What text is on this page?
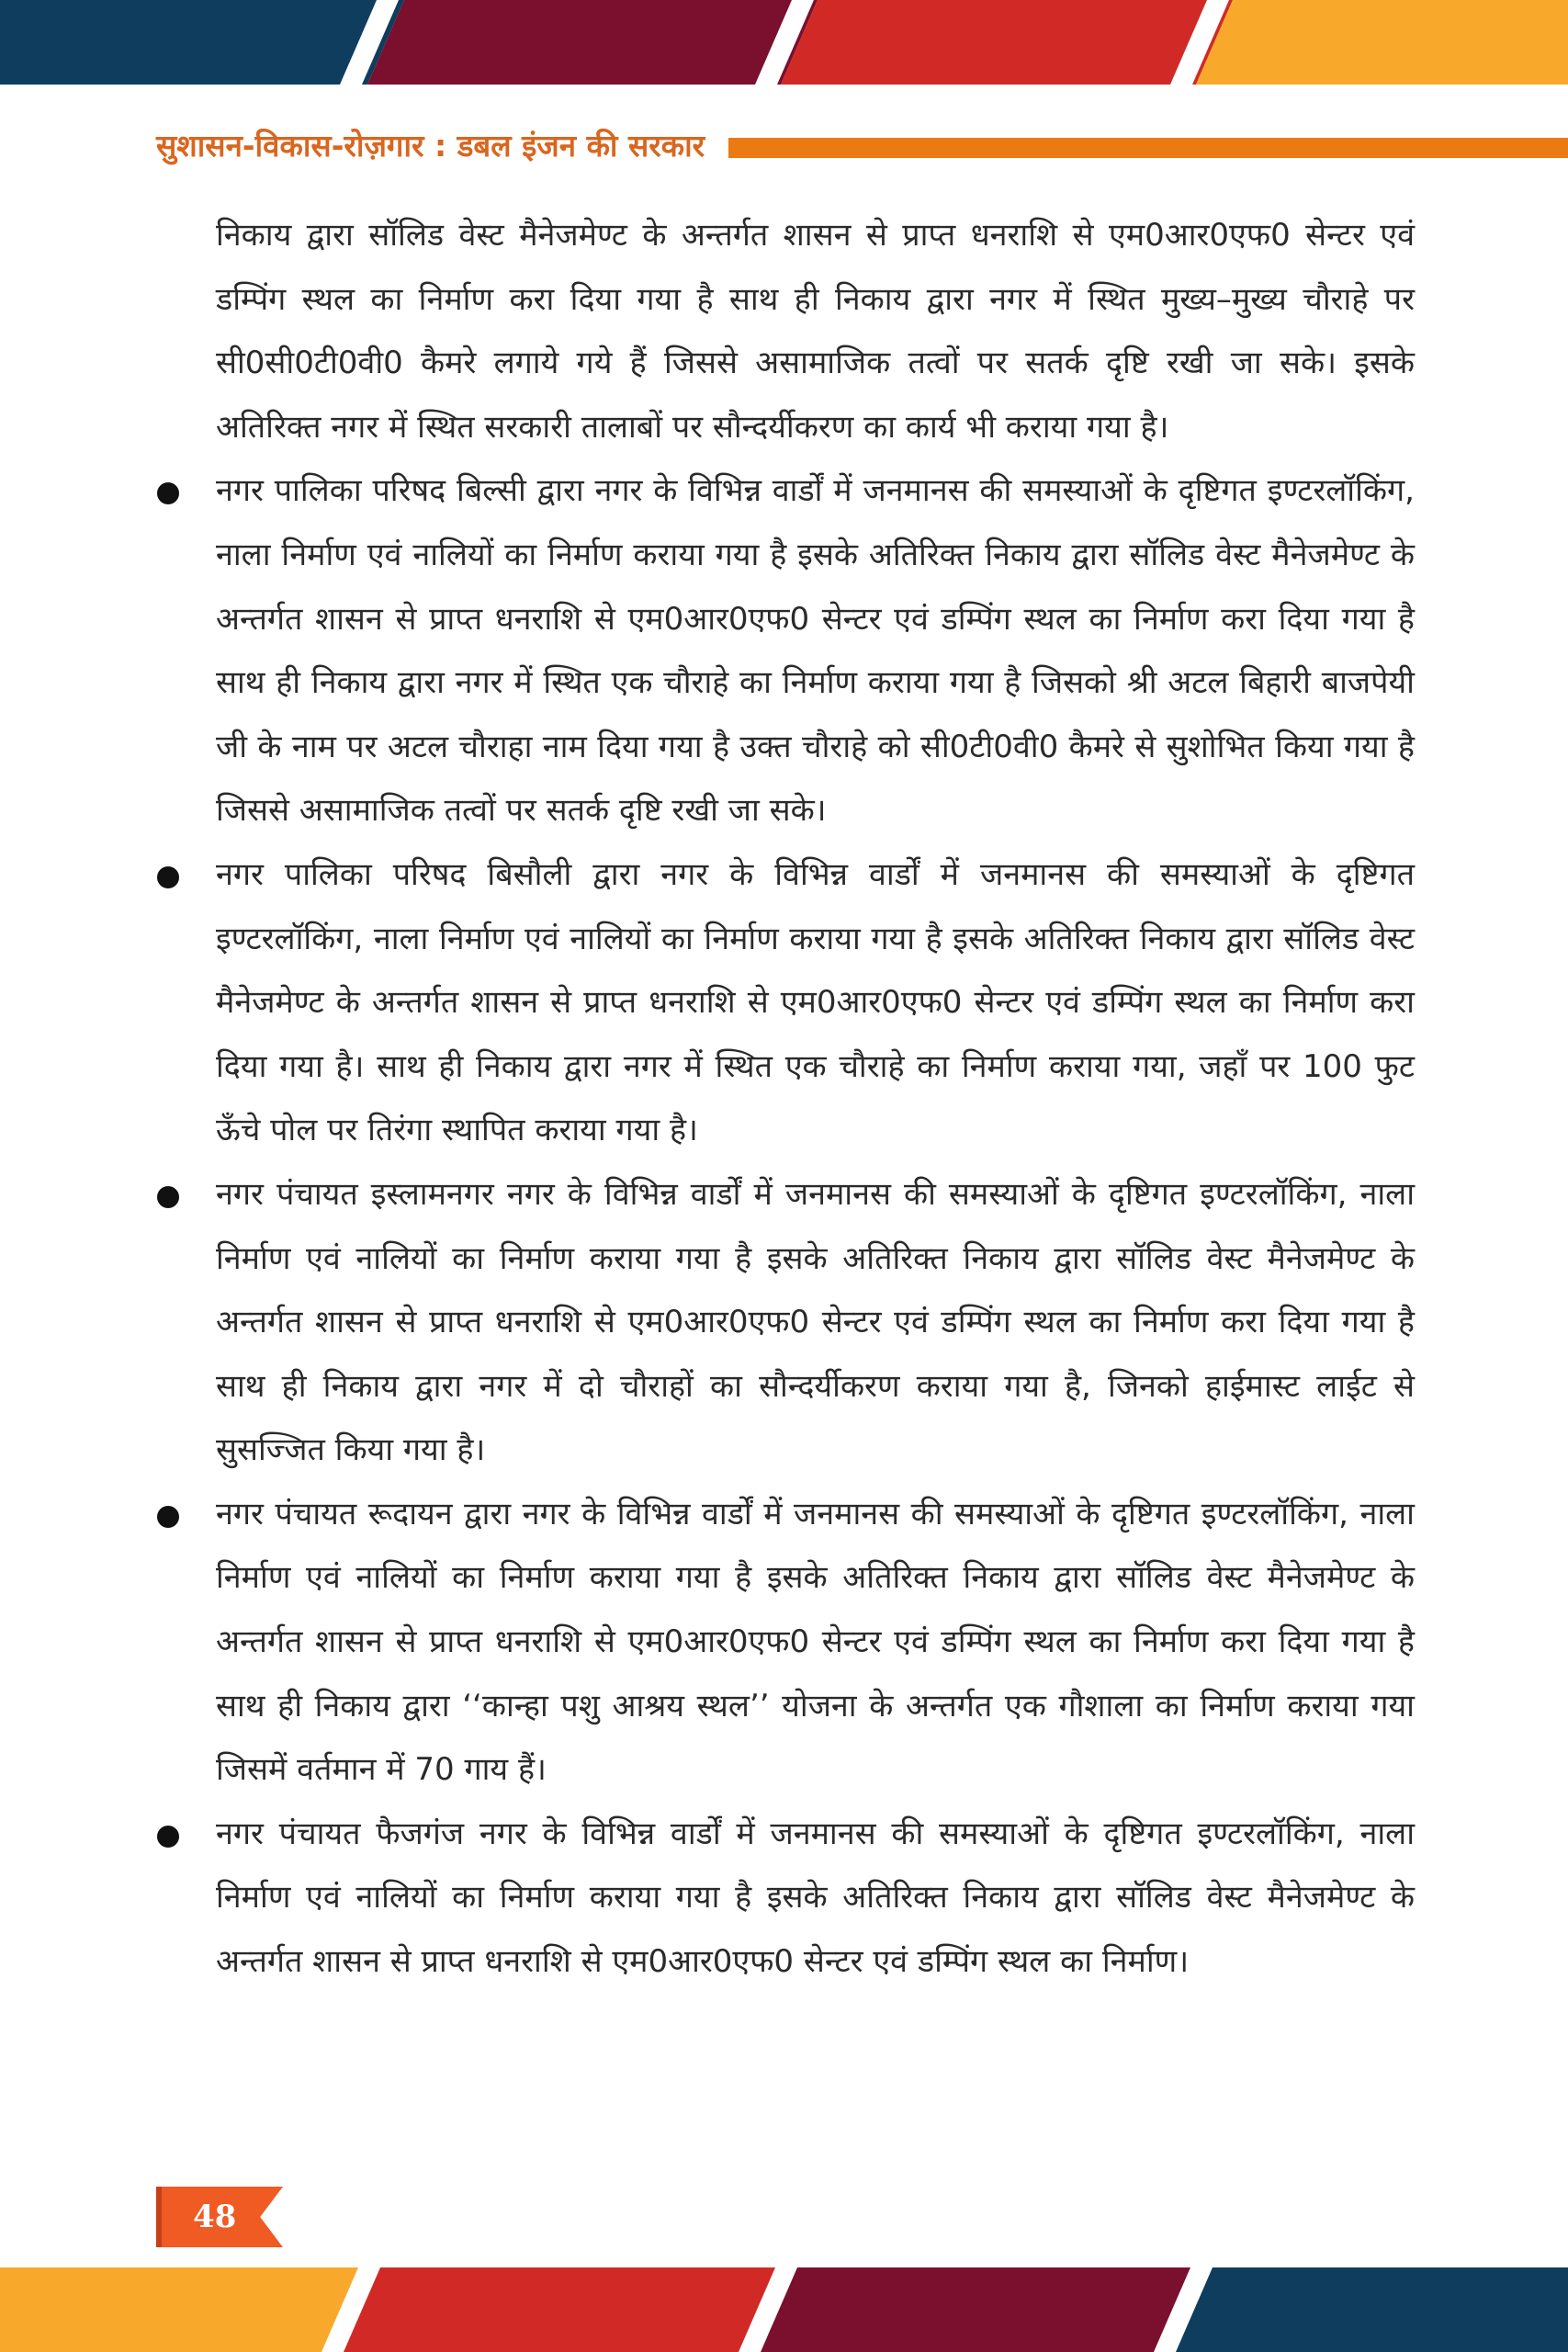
सुशासन-विकास-रोज़गार : डबल इंजन की सरकार

निकाय द्वारा सॉलिड वेस्ट मैनेजमेण्ट के अन्तर्गत शासन से प्राप्त धनराशि से एम0आर0एफ0 सेन्टर एवं डम्पिंग स्थल का निर्माण करा दिया गया है साथ ही निकाय द्वारा नगर में स्थित मुख्य–मुख्य चौराहे पर सी0सी0टी0वी0 कैमरे लगाये गये हैं जिससे असामाजिक तत्वों पर सतर्क दृष्टि रखी जा सके। इसके अतिरिक्त नगर में स्थित सरकारी तालाबों पर सौन्दर्यीकरण का कार्य भी कराया गया है।

नगर पालिका परिषद बिल्सी द्वारा नगर के विभिन्न वार्डों में जनमानस की समस्याओं के दृष्टिगत इण्टरलॉकिंग, नाला निर्माण एवं नालियों का निर्माण कराया गया है इसके अतिरिक्त निकाय द्वारा सॉलिड वेस्ट मैनेजमेण्ट के अन्तर्गत शासन से प्राप्त धनराशि से एम0आर0एफ0 सेन्टर एवं डम्पिंग स्थल का निर्माण करा दिया गया है साथ ही निकाय द्वारा नगर में स्थित एक चौराहे का निर्माण कराया गया है जिसको श्री अटल बिहारी बाजपेयी जी के नाम पर अटल चौराहा नाम दिया गया है उक्त चौराहे को सी0टी0वी0 कैमरे से सुशोभित किया गया है जिससे असामाजिक तत्वों पर सतर्क दृष्टि रखी जा सके।

नगर पालिका परिषद बिसौली द्वारा नगर के विभिन्न वार्डों में जनमानस की समस्याओं के दृष्टिगत इण्टरलॉकिंग, नाला निर्माण एवं नालियों का निर्माण कराया गया है इसके अतिरिक्त निकाय द्वारा सॉलिड वेस्ट मैनेजमेण्ट के अन्तर्गत शासन से प्राप्त धनराशि से एम0आर0एफ0 सेन्टर एवं डम्पिंग स्थल का निर्माण करा दिया गया है। साथ ही निकाय द्वारा नगर में स्थित एक चौराहे का निर्माण कराया गया, जहाँ पर 100 फुट ऊँचे पोल पर तिरंगा स्थापित कराया गया है।

नगर पंचायत इस्लामनगर नगर के विभिन्न वार्डों में जनमानस की समस्याओं के दृष्टिगत इण्टरलॉकिंग, नाला निर्माण एवं नालियों का निर्माण कराया गया है इसके अतिरिक्त निकाय द्वारा सॉलिड वेस्ट मैनेजमेण्ट के अन्तर्गत शासन से प्राप्त धनराशि से एम0आर0एफ0 सेन्टर एवं डम्पिंग स्थल का निर्माण करा दिया गया है साथ ही निकाय द्वारा नगर में दो चौराहों का सौन्दर्यीकरण कराया गया है, जिनको हाईमास्ट लाईट से सुसज्जित किया गया है।

नगर पंचायत रूदायन द्वारा नगर के विभिन्न वार्डों में जनमानस की समस्याओं के दृष्टिगत इण्टरलॉकिंग, नाला निर्माण एवं नालियों का निर्माण कराया गया है इसके अतिरिक्त निकाय द्वारा सॉलिड वेस्ट मैनेजमेण्ट के अन्तर्गत शासन से प्राप्त धनराशि से एम0आर0एफ0 सेन्टर एवं डम्पिंग स्थल का निर्माण करा दिया गया है साथ ही निकाय द्वारा ‘‘कान्हा पशु आश्रय स्थल’’ योजना के अन्तर्गत एक गौशाला का निर्माण कराया गया जिसमें वर्तमान में 70 गाय हैं।

नगर पंचायत फैजगंज नगर के विभिन्न वार्डों में जनमानस की समस्याओं के दृष्टिगत इण्टरलॉकिंग, नाला निर्माण एवं नालियों का निर्माण कराया गया है इसके अतिरिक्त निकाय द्वारा सॉलिड वेस्ट मैनेजमेण्ट के अन्तर्गत शासन से प्राप्त धनराशि से एम0आर0एफ0 सेन्टर एवं डम्पिंग स्थल का निर्माण।

48
